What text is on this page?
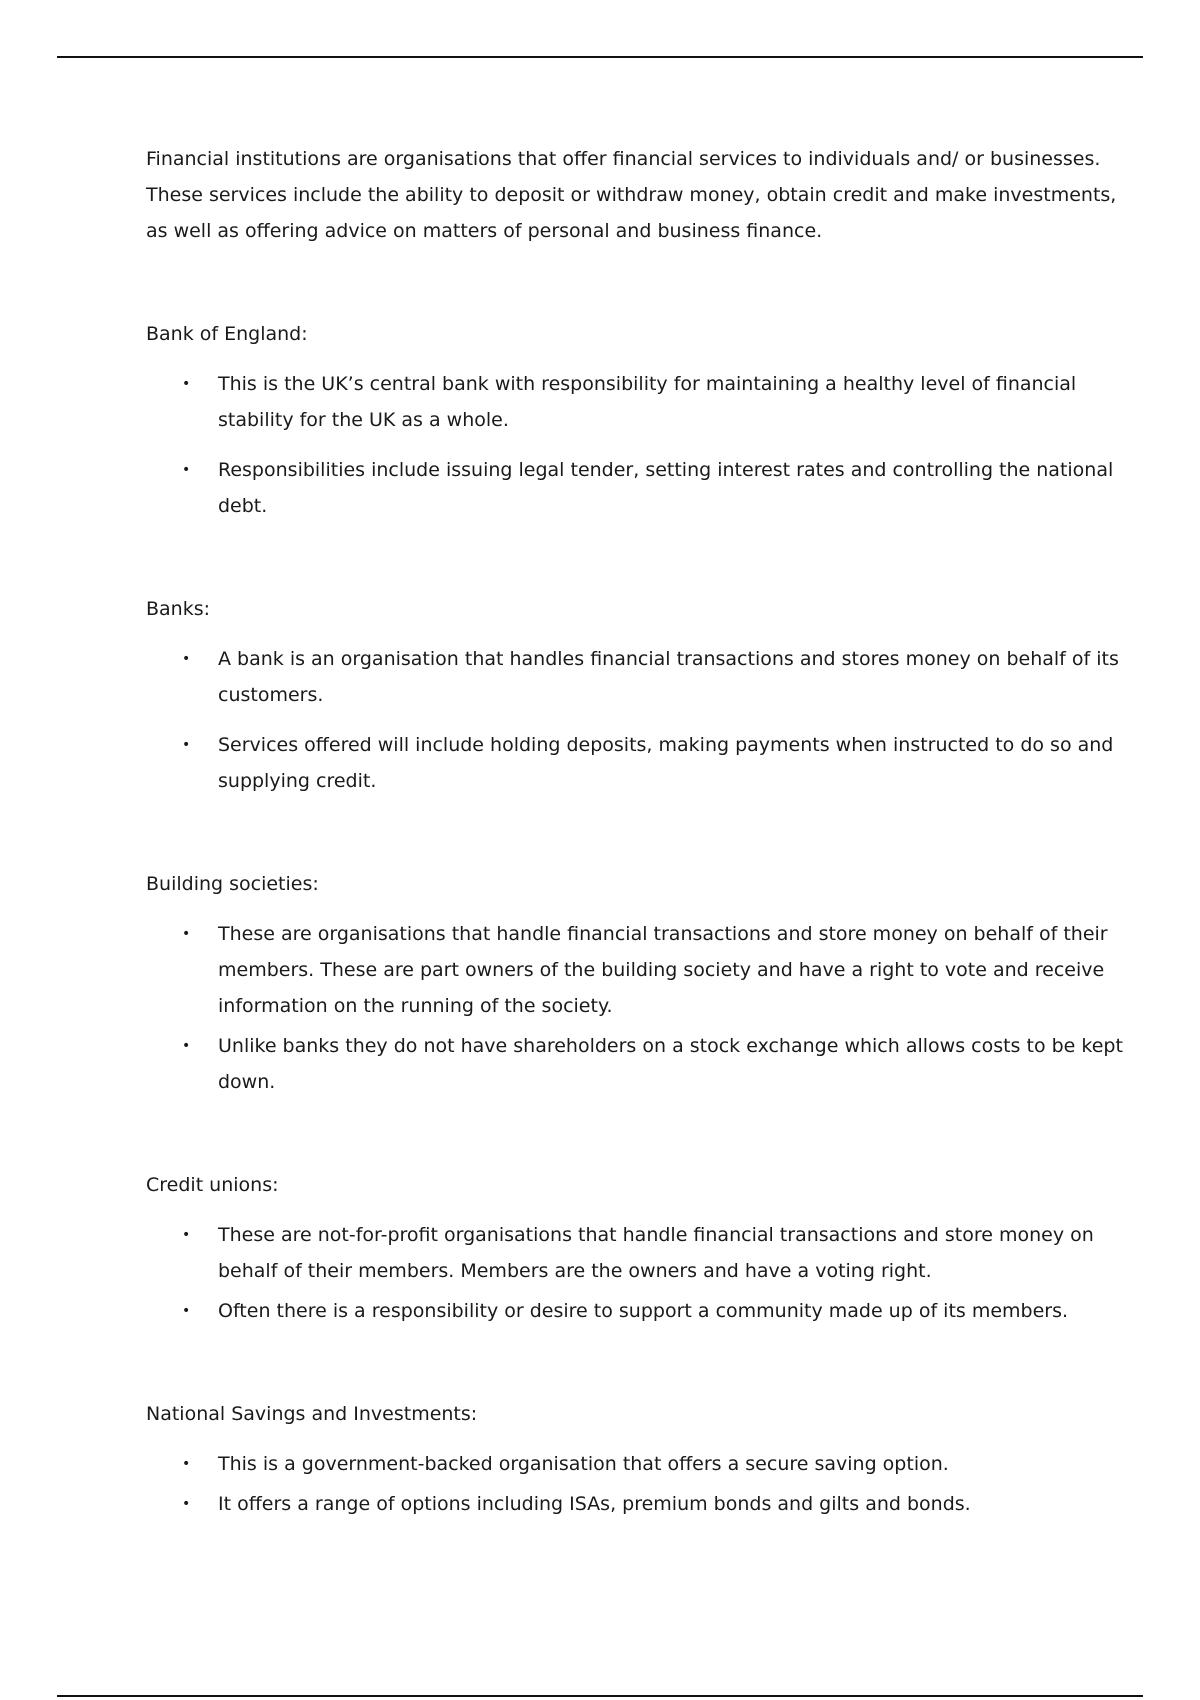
Financial institutions are organisations that offer financial services to individuals and/ or businesses. These services include the ability to deposit or withdraw money, obtain credit and make investments, as well as offering advice on matters of personal and business finance.

Bank of England:

• This is the UK’s central bank with responsibility for maintaining a healthy level of financial stability for the UK as a whole.
• Responsibilities include issuing legal tender, setting interest rates and controlling the national debt.

Banks:

• A bank is an organisation that handles financial transactions and stores money on behalf of its customers.
• Services offered will include holding deposits, making payments when instructed to do so and supplying credit.

Building societies:

• These are organisations that handle financial transactions and store money on behalf of their members. These are part owners of the building society and have a right to vote and receive information on the running of the society.
• Unlike banks they do not have shareholders on a stock exchange which allows costs to be kept down.

Credit unions:

• These are not-for-profit organisations that handle financial transactions and store money on behalf of their members. Members are the owners and have a voting right.
• Often there is a responsibility or desire to support a community made up of its members.

National Savings and Investments:

• This is a government-backed organisation that offers a secure saving option.
• It offers a range of options including ISAs, premium bonds and gilts and bonds.
